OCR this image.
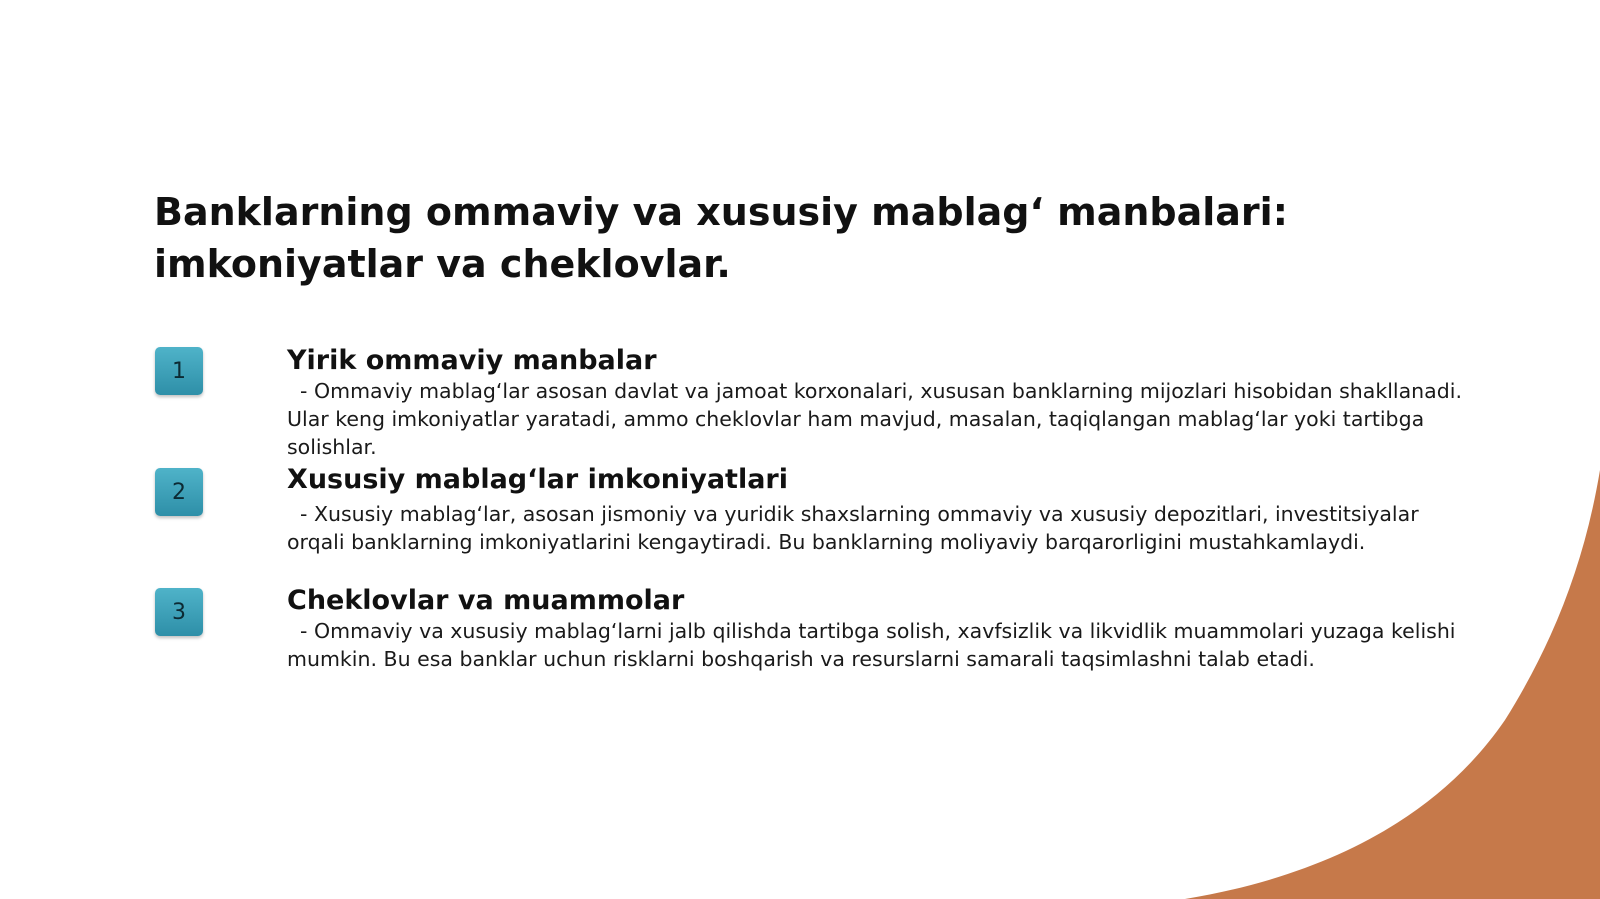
Banklarning ommaviy va xususiy mablag‘ manbalari:
imkoniyatlar va cheklovlar.
1	Yirik ommaviy manbalar

- Ommaviy mablag‘lar asosan davlat va jamoat korxonalari, xususan banklarning mijozlari hisobidan shakllanadi. Ular keng imkoniyatlar yaratadi, ammo cheklovlar ham mavjud, masalan, taqiqlangan mablag‘lar yoki tartibga solishlar.

2	Xususiy mablag‘lar imkoniyatlari

- Xususiy mablag‘lar, asosan jismoniy va yuridik shaxslarning ommaviy va xususiy depozitlari, investitsiyalar orqali banklarning imkoniyatlarini kengaytiradi. Bu banklarning moliyaviy barqarorligini mustahkamlaydi.

3	Cheklovlar va muammolar

- Ommaviy va xususiy mablag‘larni jalb qilishda tartibga solish, xavfsizlik va likvidlik muammolari yuzaga kelishi mumkin. Bu esa banklar uchun risklarni boshqarish va resurslarni samarali taqsimlashni talab etadi.
